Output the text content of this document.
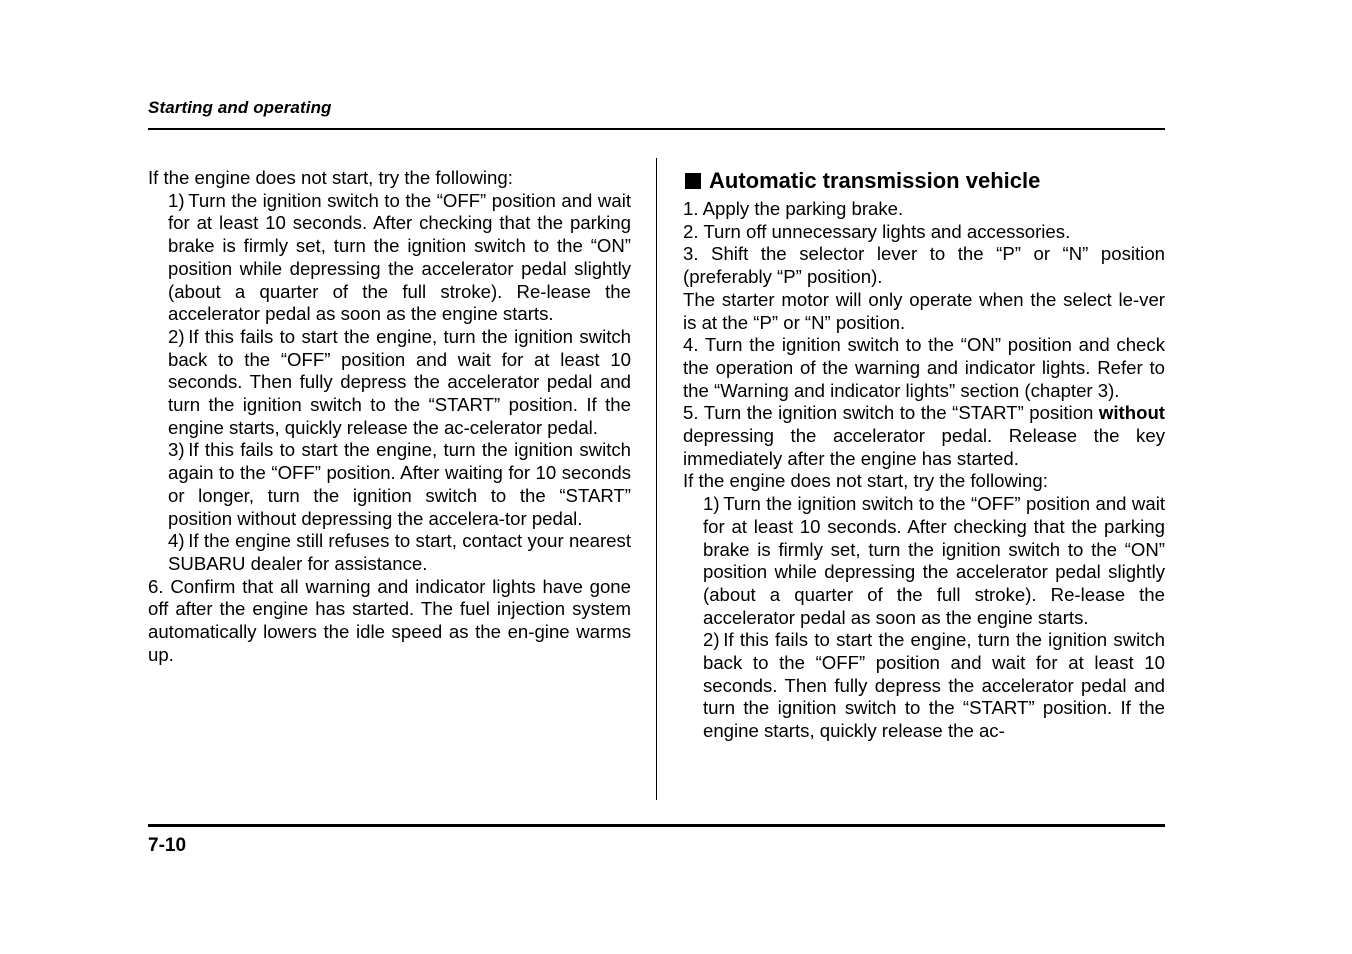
Starting and operating

If the engine does not start, try the following:

1) Turn the ignition switch to the “OFF” position and wait for at least 10 seconds. After checking that the parking brake is firmly set, turn the ignition switch to the “ON” position while depressing the accelerator pedal slightly (about a quarter of the full stroke). Re-lease the accelerator pedal as soon as the engine starts.

2) If this fails to start the engine, turn the ignition switch back to the “OFF” position and wait for at least 10 seconds. Then fully depress the accelerator pedal and turn the ignition switch to the “START” position. If the engine starts, quickly release the ac-celerator pedal.

3) If this fails to start the engine, turn the ignition switch again to the “OFF” position. After waiting for 10 seconds or longer, turn the ignition switch to the “START” position without depressing the accelera-tor pedal.

4) If the engine still refuses to start, contact your nearest SUBARU dealer for assistance.

6. Confirm that all warning and indicator lights have gone off after the engine has started. The fuel injection system automatically lowers the idle speed as the en-gine warms up.

Automatic transmission vehicle

1. Apply the parking brake.

2. Turn off unnecessary lights and accessories.

3. Shift the selector lever to the “P” or “N” position (preferably “P” position).

The starter motor will only operate when the select le-ver is at the “P” or “N” position.

4. Turn the ignition switch to the “ON” position and check the operation of the warning and indicator lights. Refer to the “Warning and indicator lights” section (chapter 3).

5. Turn the ignition switch to the “START” position without depressing the accelerator pedal. Release the key immediately after the engine has started.

If the engine does not start, try the following:

1) Turn the ignition switch to the “OFF” position and wait for at least 10 seconds. After checking that the parking brake is firmly set, turn the ignition switch to the “ON” position while depressing the accelerator pedal slightly (about a quarter of the full stroke). Re-lease the accelerator pedal as soon as the engine starts.

2) If this fails to start the engine, turn the ignition switch back to the “OFF” position and wait for at least 10 seconds. Then fully depress the accelerator pedal and turn the ignition switch to the “START” position. If the engine starts, quickly release the ac-

7-10
